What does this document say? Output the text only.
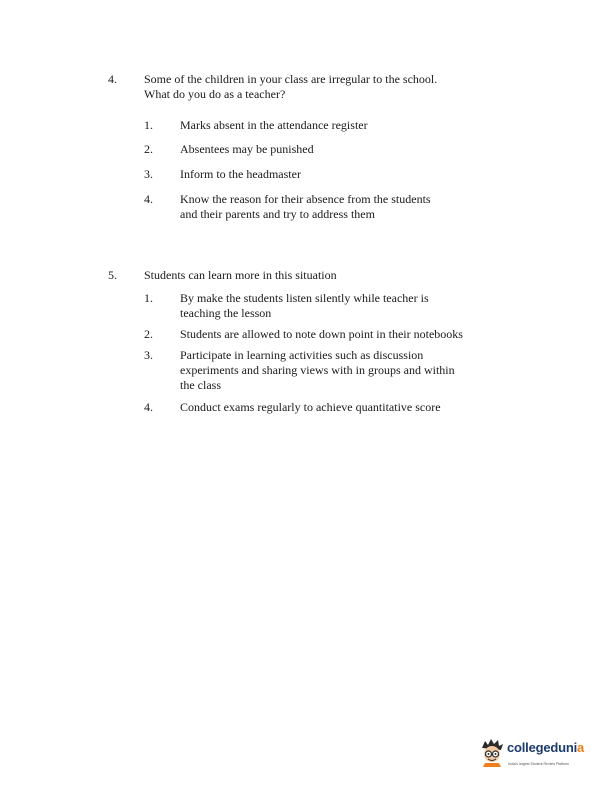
4. Some of the children in your class are irregular to the school.
What do you do as a teacher?
1. Marks absent in the attendance register
2. Absentees may be punished
3. Inform to the headmaster
4. Know the reason for their absence from the students
and their parents and try to address them
5. Students can learn more in this situation
1. By make the students listen silently while teacher is
teaching the lesson
2. Students are allowed to note down point in their notebooks
3. Participate in learning activities such as discussion
experiments and sharing views with in groups and within
the class
4. Conduct exams regularly to achieve quantitative score
collegedunia
India's largest Student Review Platform
